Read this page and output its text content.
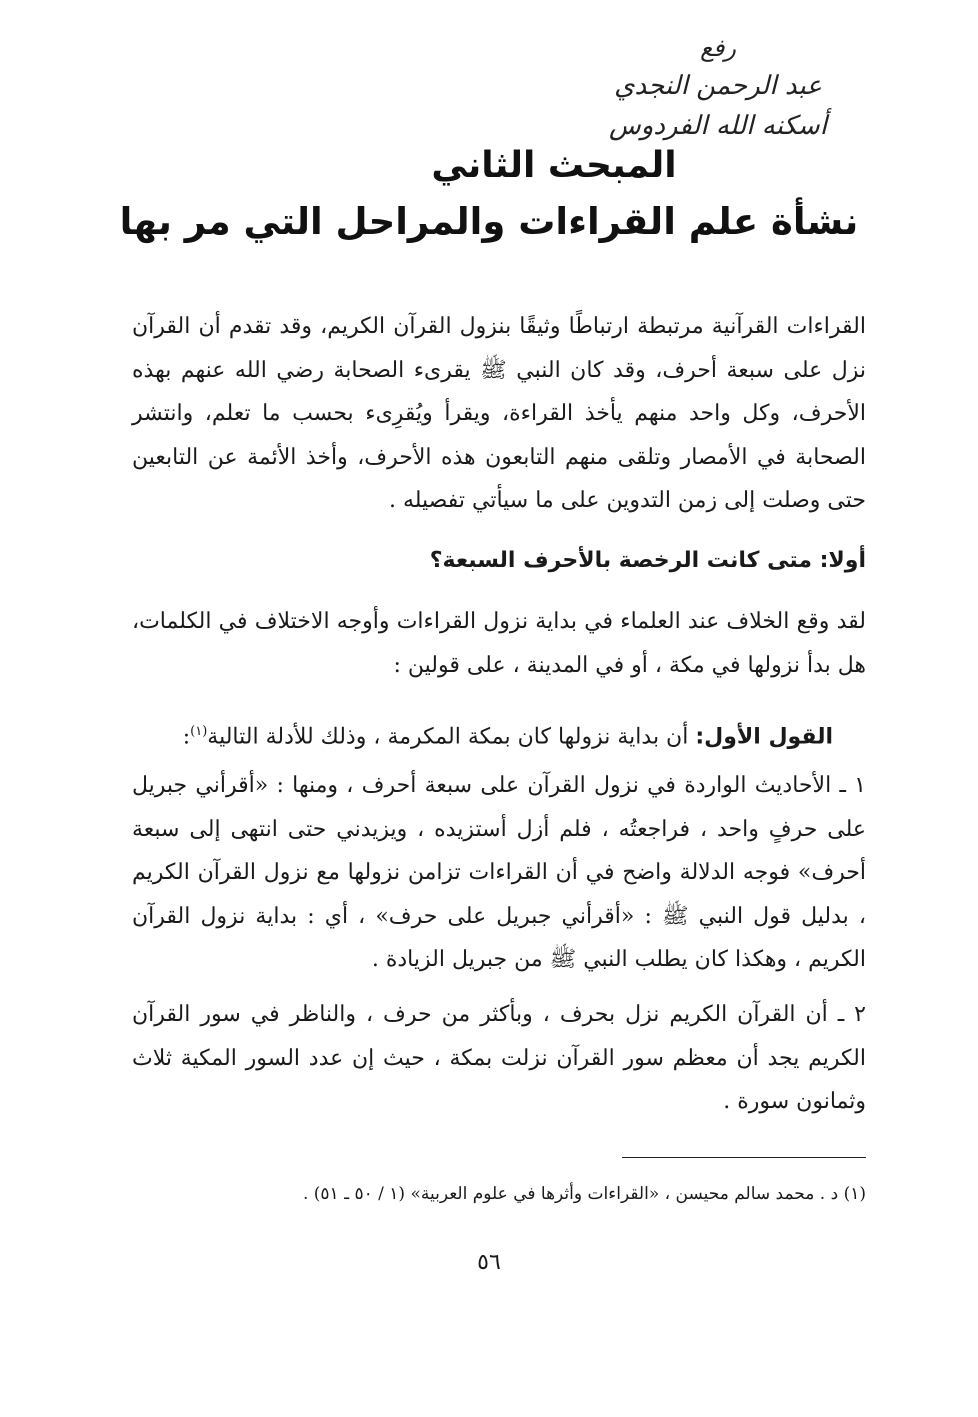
رفع
عبد الرحمن النجدي
أسكنه الله الفردوس
المبحث الثاني
نشأة علم القراءات والمراحل التي مر بها

القراءات القرآنية مرتبطة ارتباطًا وثيقًا بنزول القرآن الكريم، وقد تقدم أن القرآن نزل على سبعة أحرف، وقد كان النبي ﷺ يقرىء الصحابة رضي الله عنهم بهذه الأحرف، وكل واحد منهم يأخذ القراءة، ويقرأ ويُقرِىء بحسب ما تعلم، وانتشر الصحابة في الأمصار وتلقى منهم التابعون هذه الأحرف، وأخذ الأئمة عن التابعين حتى وصلت إلى زمن التدوين على ما سيأتي تفصيله .

أولا: متى كانت الرخصة بالأحرف السبعة؟

لقد وقع الخلاف عند العلماء في بداية نزول القراءات وأوجه الاختلاف في الكلمات، هل بدأ نزولها في مكة ، أو في المدينة ، على قولين :

القول الأول: أن بداية نزولها كان بمكة المكرمة ، وذلك للأدلة التالية$^{(١)}$:

١ ـ الأحاديث الواردة في نزول القرآن على سبعة أحرف ، ومنها : «أقرأني جبريل على حرفٍ واحد ، فراجعتُه ، فلم أزل أستزيده ، ويزيدني حتى انتهى إلى سبعة أحرف» فوجه الدلالة واضح في أن القراءات تزامن نزولها مع نزول القرآن الكريم ، بدليل قول النبي ﷺ : «أقرأني جبريل على حرف» ، أي : بداية نزول القرآن الكريم ، وهكذا كان يطلب النبي ﷺ من جبريل الزيادة .

٢ ـ أن القرآن الكريم نزل بحرف ، وبأكثر من حرف ، والناظر في سور القرآن الكريم يجد أن معظم سور القرآن نزلت بمكة ، حيث إن عدد السور المكية ثلاث وثمانون سورة .

(١) د . محمد سالم محيسن ، «القراءات وأثرها في علوم العربية» (١ / ٥٠ ـ ٥١) .
٥٦
